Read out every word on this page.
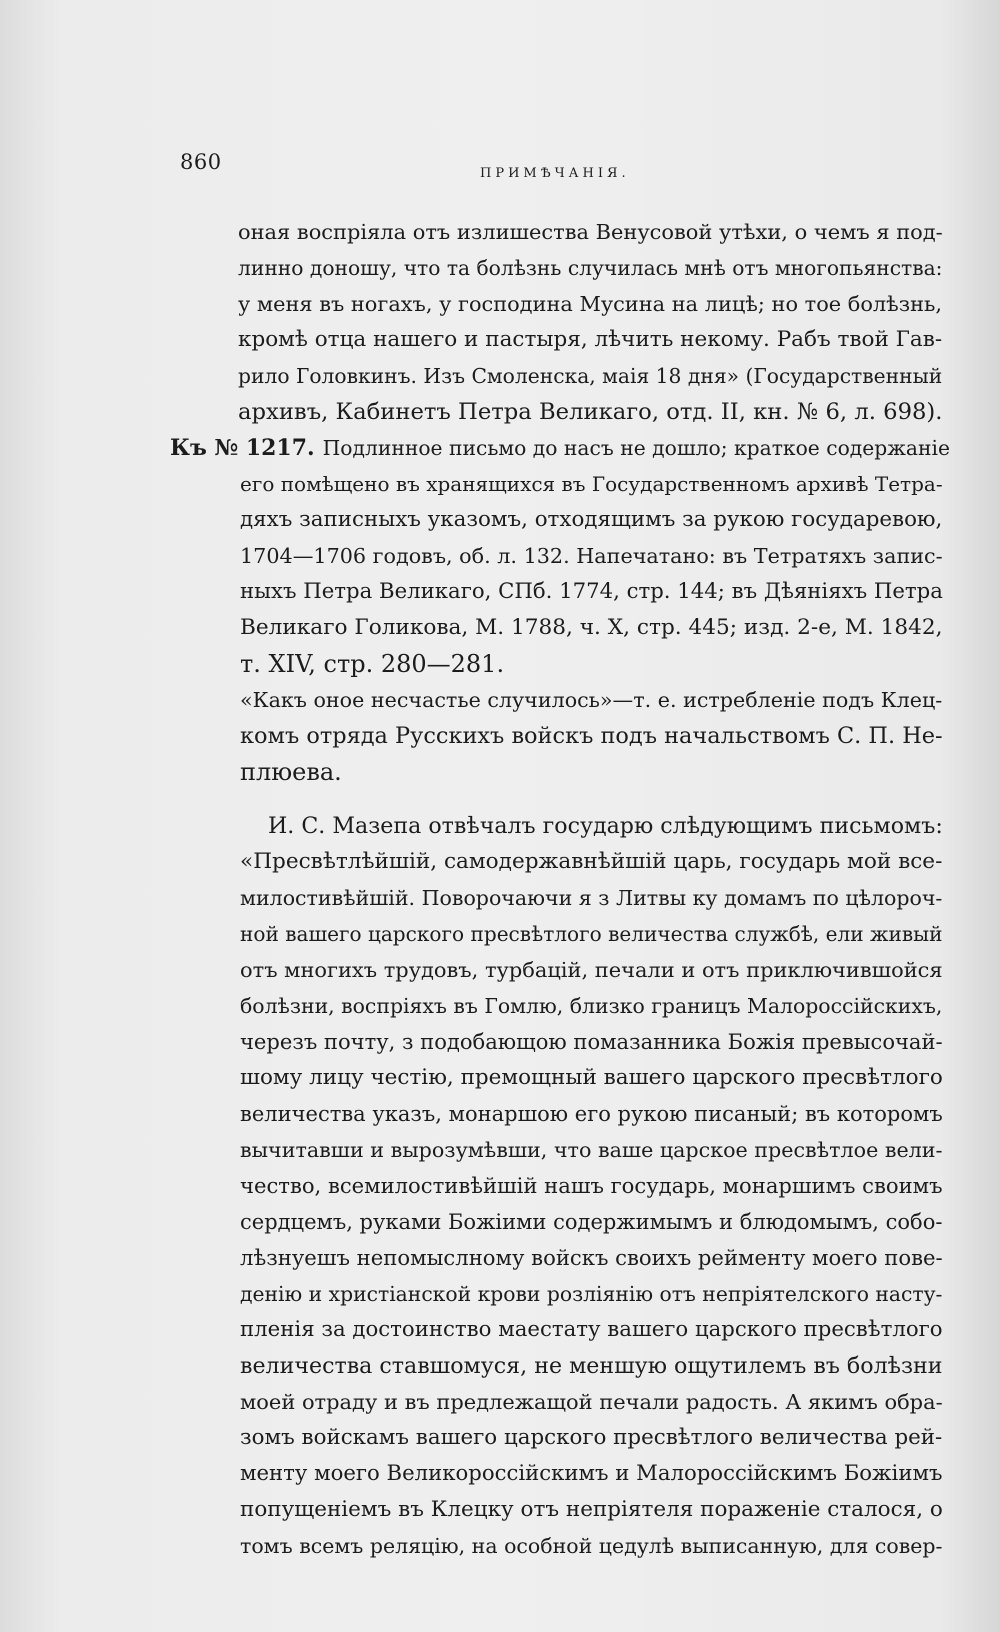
860	ПРИМѢЧАНІЯ.
оная воспріяла отъ излишества Венусовой утѣхи, о чемъ я под-
линно доношу, что та болѣзнь случилась мнѣ отъ многопьянства:
у меня въ ногахъ, у господина Мусина на лицѣ; но тое болѣзнь,
кромѣ отца нашего и пастыря, лѣчить некому. Рабъ твой Гав-
рило Головкинъ. Изъ Смоленска, маія 18 дня» (Государственный
архивъ, Кабинетъ Петра Великаго, отд. II, кн. № 6, л. 698).
Къ № 1217. Подлинное письмо до насъ не дошло; краткое содержаніе
его помѣщено въ хранящихся въ Государственномъ архивѣ Тетра-
дяхъ записныхъ указомъ, отходящимъ за рукою государевою,
1704—1706 годовъ, об. л. 132. Напечатано: въ Тетратяхъ запис-
ныхъ Петра Великаго, СПб. 1774, стр. 144; въ Дѣяніяхъ Петра
Великаго Голикова, М. 1788, ч. X, стр. 445; изд. 2-е, М. 1842,
т. XIV, стр. 280—281.
«Какъ оное несчастье случилось»—т. е. истребленіе подъ Клец-
комъ отряда Русскихъ войскъ подъ начальствомъ С. П. Не-
плюева.
И. С. Мазепа отвѣчалъ государю слѣдующимъ письмомъ:
«Пресвѣтлѣйшій, самодержавнѣйшій царь, государь мой все-
милостивѣйшій. Поворочаючи я з Литвы ку домамъ по цѣлороч-
ной вашего царского пресвѣтлого величества службѣ, ели живый
отъ многихъ трудовъ, турбацій, печали и отъ приключившойся
болѣзни, воспріяхъ въ Гомлю, близко границъ Малороссійскихъ,
черезъ почту, з подобающою помазанника Божія превысочай-
шому лицу честію, премощный вашего царского пресвѣтлого
величества указъ, монаршою его рукою писаный; въ которомъ
вычитавши и вырозумѣвши, что ваше царское пресвѣтлое вели-
чество, всемилостивѣйшій нашъ государь, монаршимъ своимъ
сердцемъ, руками Божіими содержимымъ и блюдомымъ, собо-
лѣзнуешъ непомыслному войскъ своихъ рейменту моего пове-
денію и христіанской крови розліянію отъ непріятелского насту-
пленія за достоинство маестату вашего царского пресвѣтлого
величества ставшомуся, не меншую ощутилемъ въ болѣзни
моей отраду и въ предлежащой печали радость. А якимъ обра-
зомъ войскамъ вашего царского пресвѣтлого величества рей-
менту моего Великороссійскимъ и Малороссійскимъ Божіимъ
попущеніемъ въ Клецку отъ непріятеля пораженіе сталося, о
томъ всемъ реляцію, на особной цедулѣ выписанную, для совер-
